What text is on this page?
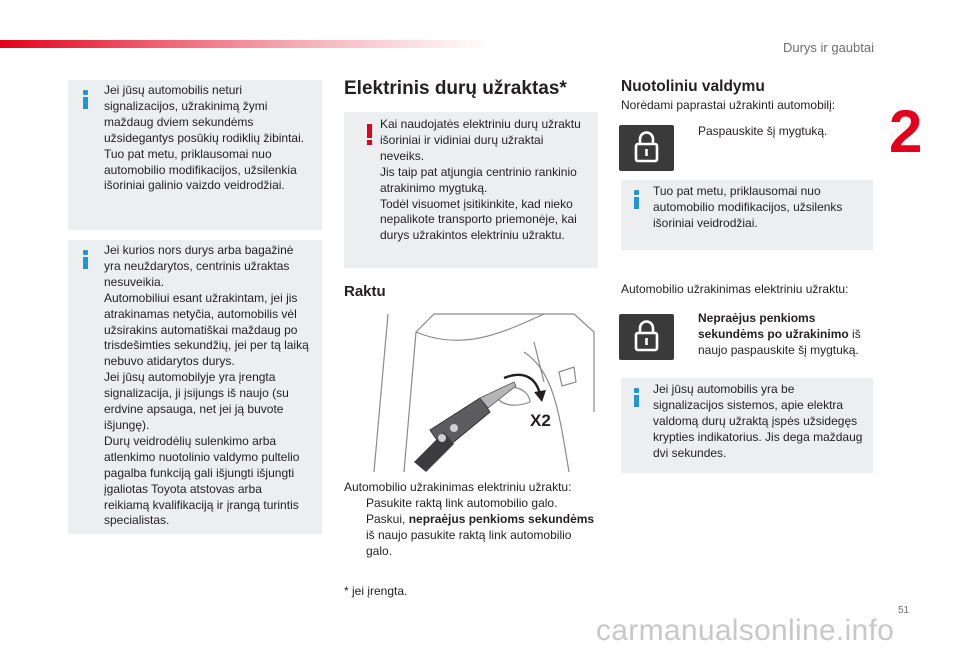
Durys ir gaubtai
2

Jei jūsų automobilis neturi

signalizacijos, užrakinimą žymi

maždaug dviem sekundėms

užsidegantys posūkių rodiklių žibintai.

Tuo pat metu, priklausomai nuo

automobilio modifikacijos, užsilenkia

išoriniai galinio vaizdo veidrodžiai.

Jei kurios nors durys arba bagažinė

yra neuždarytos, centrinis užraktas

nesuveikia.

Automobiliui esant užrakintam, jei jis

atrakinamas netyčia, automobilis vėl

užsirakins automatiškai maždaug po

trisdešimties sekundžių, jei per tą laiką

nebuvo atidarytos durys.

Jei jūsų automobilyje yra įrengta

signalizacija, ji įsijungs iš naujo (su

erdvine apsauga, net jei ją buvote

išjungę).

Durų veidrodėlių sulenkimo arba

atlenkimo nuotolinio valdymo pultelio

pagalba funkciją gali išjungti išjungti

įgaliotas Toyota atstovas arba

reikiamą kvalifikaciją ir įrangą turintis

specialistas.

Elektrinis durų užraktas*

Kai naudojatės elektriniu durų užraktu

išoriniai ir vidiniai durų užraktai neveiks.

Jis taip pat atjungia centrinio rankinio

atrakinimo mygtuką.

Todėl visuomet įsitikinkite, kad nieko

nepalikote transporto priemonėje, kai

durys užrakintos elektriniu užraktu.

Raktu
X2
Automobilio užrakinimas elektriniu užraktu:
Pasukite raktą link automobilio galo.
Paskui, nepraėjus penkioms sekundėms
iš naujo pasukite raktą link automobilio
galo.
* jei įrengta.
Nuotoliniu valdymu
Norėdami paprastai užrakinti automobilį:
Paspauskite šį mygtuką.

Tuo pat metu, priklausomai nuo

automobilio modifikacijos, užsilenks

išoriniai veidrodžiai.

Automobilio užrakinimas elektriniu užraktu:
Nepraėjus penkioms
sekundėms po užrakinimo iš
naujo paspauskite šį mygtuką.

Jei jūsų automobilis yra be

signalizacijos sistemos, apie elektra

valdomą durų užraktą įspės užsidegęs

krypties indikatorius. Jis dega maždaug

dvi sekundes.

51
carmanualsonline.info
